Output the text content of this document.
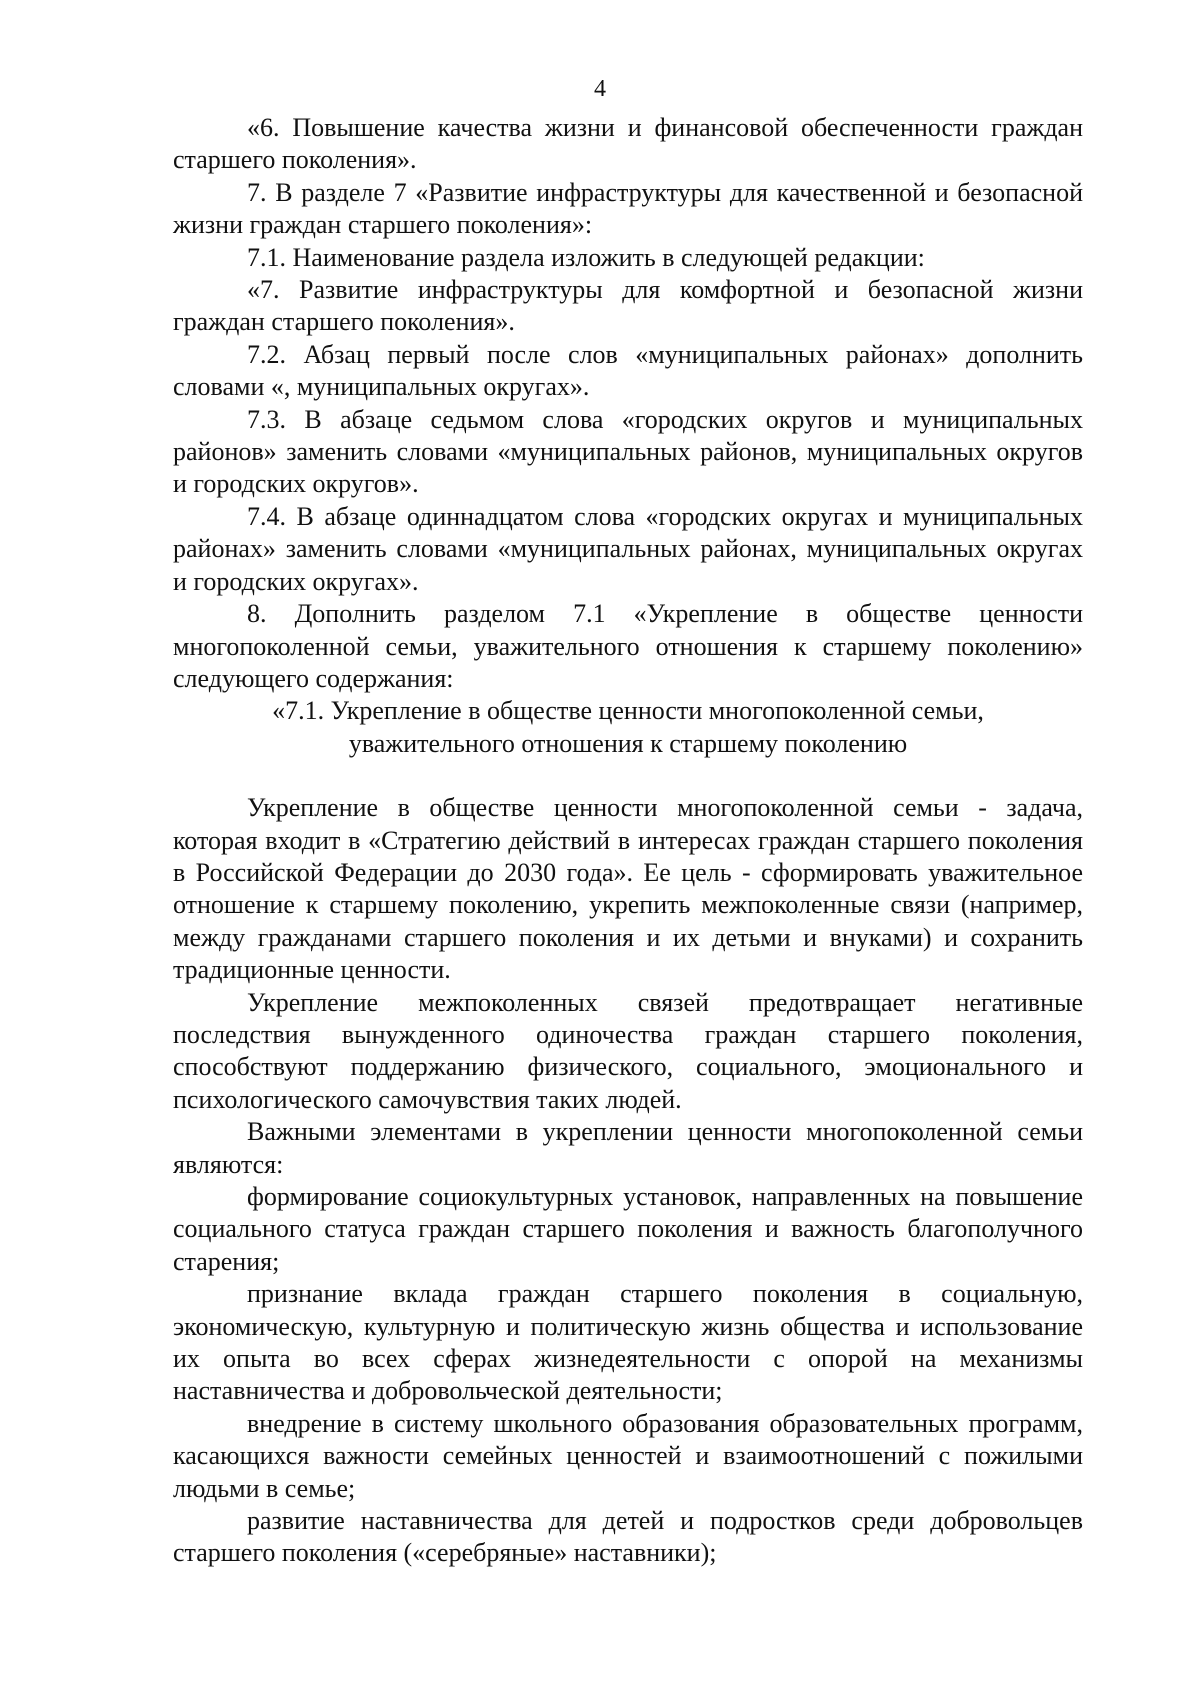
4

«6. Повышение качества жизни и финансовой обеспеченности граждан старшего поколения».

7. В разделе 7 «Развитие инфраструктуры для качественной и безопасной жизни граждан старшего поколения»:

7.1. Наименование раздела изложить в следующей редакции:

«7. Развитие инфраструктуры для комфортной и безопасной жизни граждан старшего поколения».

7.2. Абзац первый после слов «муниципальных районах» дополнить словами «, муниципальных округах».

7.3. В абзаце седьмом слова «городских округов и муниципальных районов» заменить словами «муниципальных районов, муниципальных округов и городских округов».

7.4. В абзаце одиннадцатом слова «городских округах и муниципальных районах» заменить словами «муниципальных районах, муниципальных округах и городских округах».

8. Дополнить разделом 7.1 «Укрепление в обществе ценности многопоколенной семьи, уважительного отношения к старшему поколению» следующего содержания:

«7.1. Укрепление в обществе ценности многопоколенной семьи,
уважительного отношения к старшему поколению

Укрепление в обществе ценности многопоколенной семьи - задача, которая входит в «Стратегию действий в интересах граждан старшего поколения в Российской Федерации до 2030 года». Ее цель - сформировать уважительное отношение к старшему поколению, укрепить межпоколенные связи (например, между гражданами старшего поколения и их детьми и внуками) и сохранить традиционные ценности.

Укрепление межпоколенных связей предотвращает негативные последствия вынужденного одиночества граждан старшего поколения, способствуют поддержанию физического, социального, эмоционального и психологического самочувствия таких людей.

Важными элементами в укреплении ценности многопоколенной семьи являются:

формирование социокультурных установок, направленных на повышение социального статуса граждан старшего поколения и важность благополучного старения;

признание вклада граждан старшего поколения в социальную, экономическую, культурную и политическую жизнь общества и использование их опыта во всех сферах жизнедеятельности с опорой на механизмы наставничества и добровольческой деятельности;

внедрение в систему школьного образования образовательных программ, касающихся важности семейных ценностей и взаимоотношений с пожилыми людьми в семье;

развитие наставничества для детей и подростков среди добровольцев старшего поколения («серебряные» наставники);
